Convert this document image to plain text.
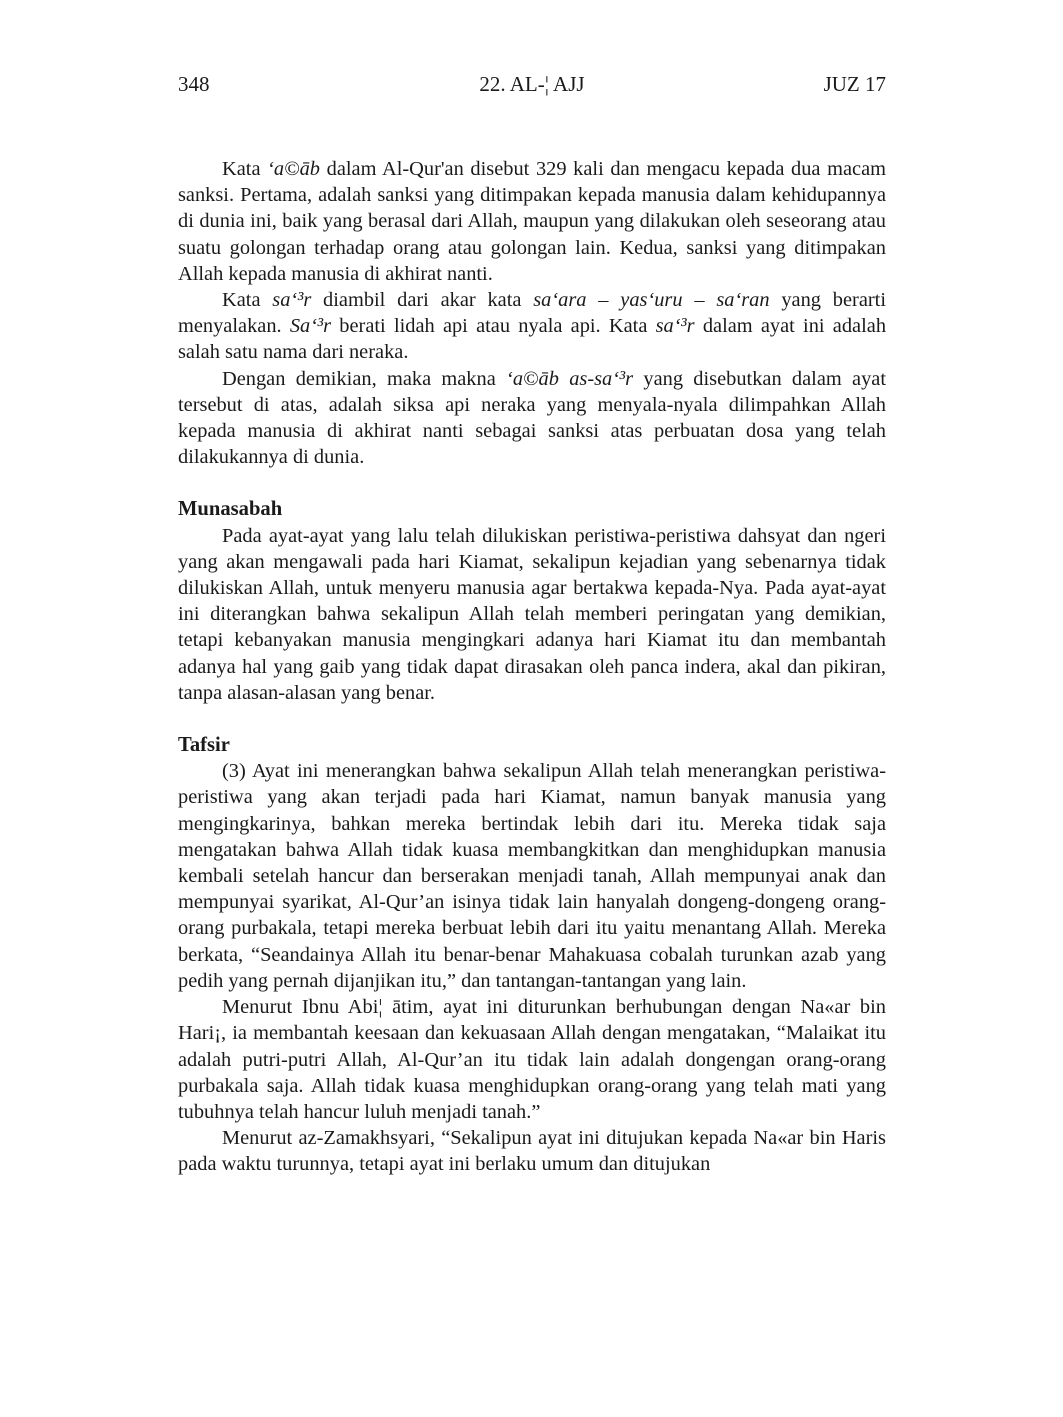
348	22. AL-¦ AJJ	JUZ 17

Kata ‘a©āb dalam Al-Qur'an disebut 329 kali dan mengacu kepada dua macam sanksi. Pertama, adalah sanksi yang ditimpakan kepada manusia dalam kehidupannya di dunia ini, baik yang berasal dari Allah, maupun yang dilakukan oleh seseorang atau suatu golongan terhadap orang atau golongan lain. Kedua, sanksi yang ditimpakan Allah kepada manusia di akhirat nanti.

Kata sa‘³r diambil dari akar kata sa‘ara – yas‘uru – sa‘ran yang berarti menyalakan. Sa‘³r berati lidah api atau nyala api. Kata sa‘³r dalam ayat ini adalah salah satu nama dari neraka.

Dengan demikian, maka makna ‘a©āb as-sa‘³r yang disebutkan dalam ayat tersebut di atas, adalah siksa api neraka yang menyala-nyala dilimpahkan Allah kepada manusia di akhirat nanti sebagai sanksi atas perbuatan dosa yang telah dilakukannya di dunia.

Munasabah

Pada ayat-ayat yang lalu telah dilukiskan peristiwa-peristiwa dahsyat dan ngeri yang akan mengawali pada hari Kiamat, sekalipun kejadian yang sebenarnya tidak dilukiskan Allah, untuk menyeru manusia agar bertakwa kepada-Nya. Pada ayat-ayat ini diterangkan bahwa sekalipun Allah telah memberi peringatan yang demikian, tetapi kebanyakan manusia mengingkari adanya hari Kiamat itu dan membantah adanya hal yang gaib yang tidak dapat dirasakan oleh panca indera, akal dan pikiran, tanpa alasan-alasan yang benar.

Tafsir

(3) Ayat ini menerangkan bahwa sekalipun Allah telah menerangkan peristiwa-peristiwa yang akan terjadi pada hari Kiamat, namun banyak manusia yang mengingkarinya, bahkan mereka bertindak lebih dari itu. Mereka tidak saja mengatakan bahwa Allah tidak kuasa membangkitkan dan menghidupkan manusia kembali setelah hancur dan berserakan menjadi tanah, Allah mempunyai anak dan mempunyai syarikat, Al-Qur’an isinya tidak lain hanyalah dongeng-dongeng orang-orang purbakala, tetapi mereka berbuat lebih dari itu yaitu menantang Allah. Mereka berkata, “Seandainya Allah itu benar-benar Mahakuasa cobalah turunkan azab yang pedih yang pernah dijanjikan itu,” dan tantangan-tantangan yang lain.

Menurut Ibnu Abi¦ ātim, ayat ini diturunkan berhubungan dengan Na«ar bin Hari¡, ia membantah keesaan dan kekuasaan Allah dengan mengatakan, “Malaikat itu adalah putri-putri Allah, Al-Qur’an itu tidak lain adalah dongengan orang-orang purbakala saja. Allah tidak kuasa menghidupkan orang-orang yang telah mati yang tubuhnya telah hancur luluh menjadi tanah.”

Menurut az-Zamakhsyari, “Sekalipun ayat ini ditujukan kepada Na«ar bin Haris pada waktu turunnya, tetapi ayat ini berlaku umum dan ditujukan
